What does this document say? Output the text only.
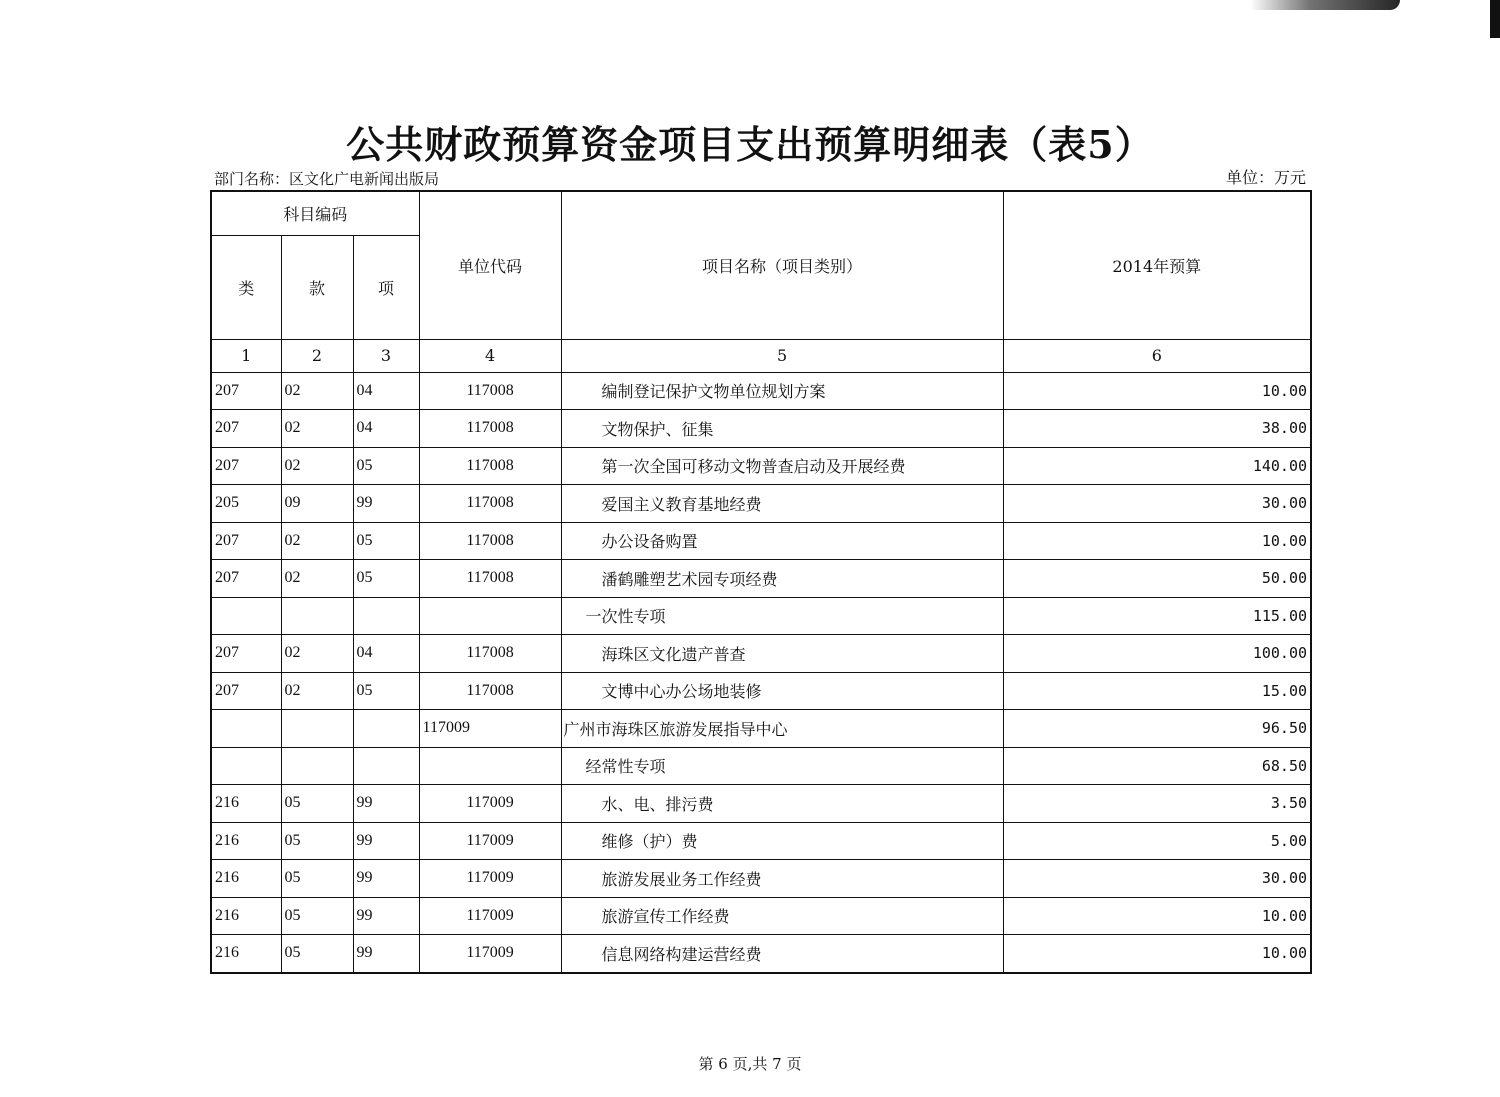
公共财政预算资金项目支出预算明细表（表5）
部门名称：区文化广电新闻出版局	单位：万元
科目编码			单位代码	项目名称（项目类别）	2014年预算
类	款	项			
1	2	3	4	5	6
207	02	04	117008	编制登记保护文物单位规划方案	10.00
207	02	04	117008	文物保护、征集	38.00
207	02	05	117008	第一次全国可移动文物普查启动及开展经费	140.00
205	09	99	117008	爱国主义教育基地经费	30.00
207	02	05	117008	办公设备购置	10.00
207	02	05	117008	潘鹤雕塑艺术园专项经费	50.00
				一次性专项	115.00
207	02	04	117008	海珠区文化遗产普查	100.00
207	02	05	117008	文博中心办公场地装修	15.00
			117009	广州市海珠区旅游发展指导中心	96.50
				经常性专项	68.50
216	05	99	117009	水、电、排污费	3.50
216	05	99	117009	维修（护）费	5.00
216	05	99	117009	旅游发展业务工作经费	30.00
216	05	99	117009	旅游宣传工作经费	10.00
216	05	99	117009	信息网络构建运营经费	10.00
第 6 页,共 7 页
